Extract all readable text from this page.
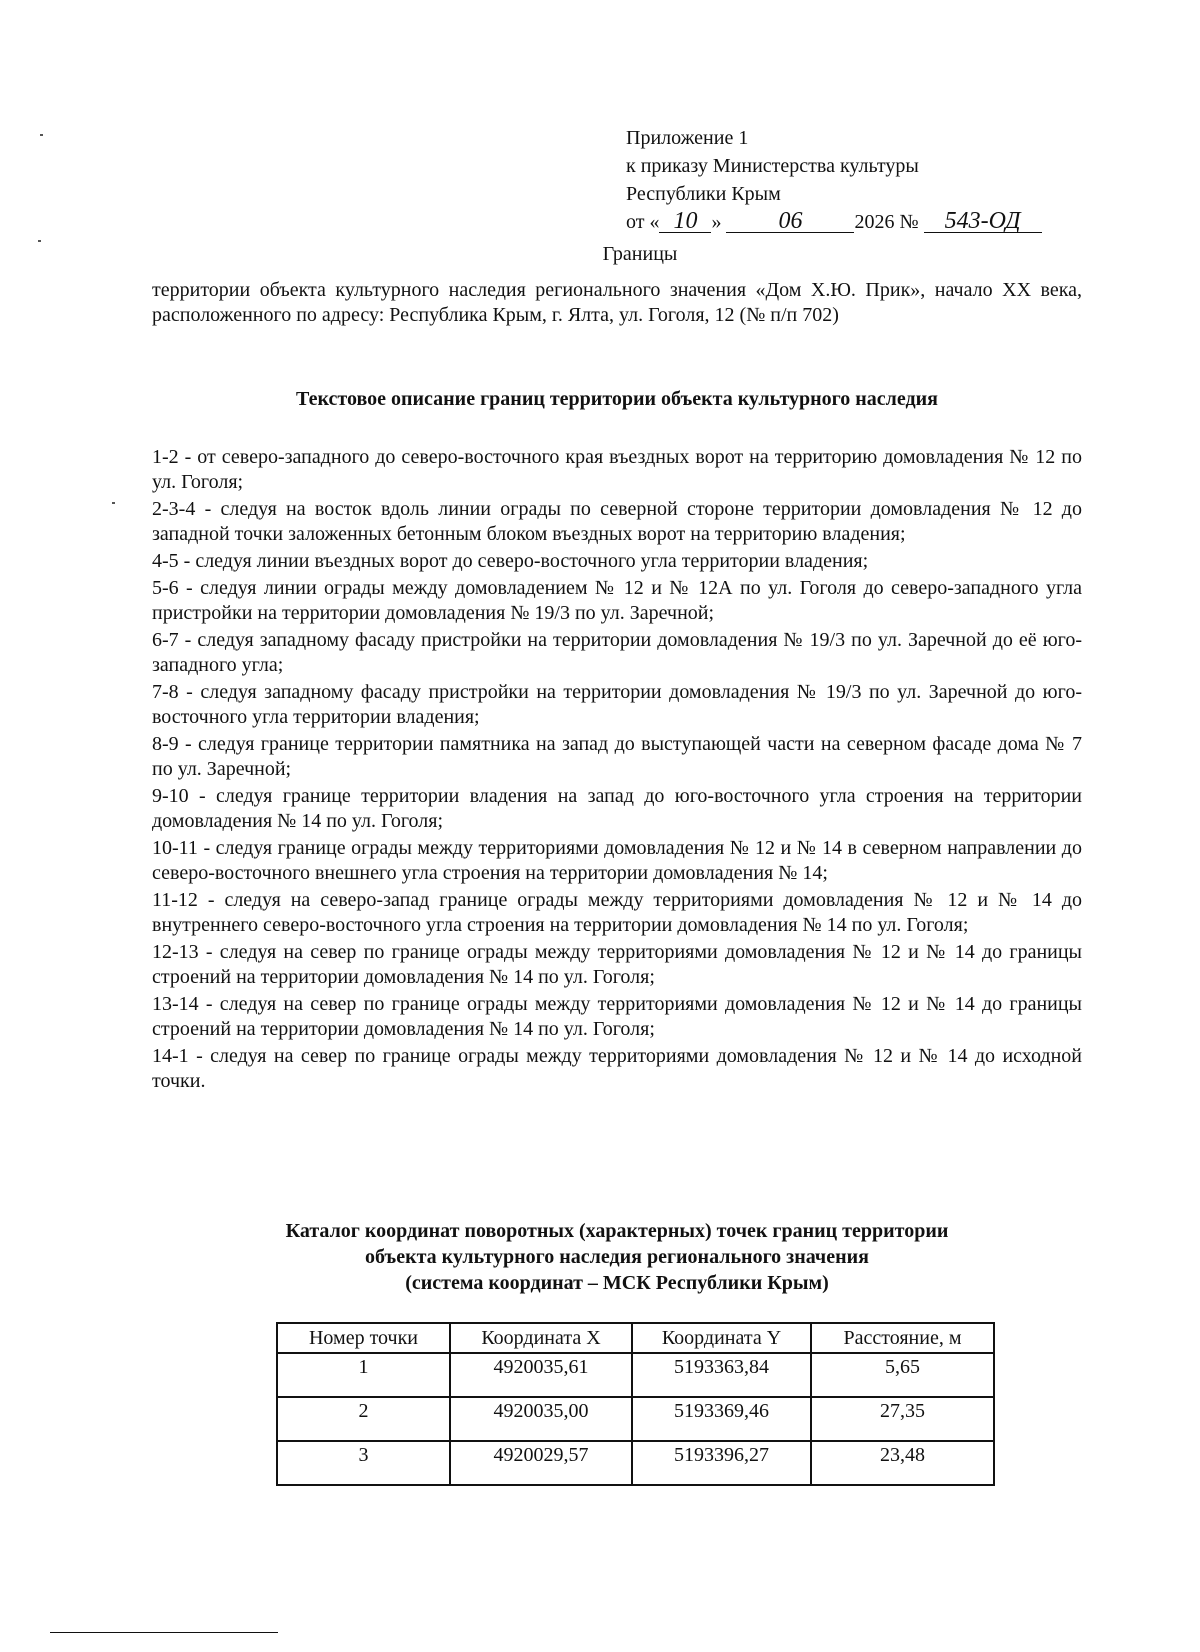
Приложение 1
к приказу Министерства культуры
Республики Крым
от « 10 » 06	2026 № 543-ОД
Границы
территории объекта культурного наследия регионального значения «Дом Х.Ю. Прик», начало XX века, расположенного по адресу: Республика Крым, г. Ялта, ул. Гоголя, 12 (№ п/п 702)
Текстовое описание границ территории объекта культурного наследия

1-2 - от северо-западного до северо-восточного края въездных ворот на территорию домовладения № 12 по ул. Гоголя;

2-3-4 - следуя на восток вдоль линии ограды по северной стороне территории домовладения № 12 до западной точки заложенных бетонным блоком въездных ворот на территорию владения;

4-5 - следуя линии въездных ворот до северо-восточного угла территории владения;

5-6 - следуя линии ограды между домовладением № 12 и № 12А по ул. Гоголя до северо-западного угла пристройки на территории домовладения № 19/3 по ул. Заречной;

6-7 - следуя западному фасаду пристройки на территории домовладения № 19/3 по ул. Заречной до её юго-западного угла;

7-8 - следуя западному фасаду пристройки на территории домовладения № 19/3 по ул. Заречной до юго-восточного угла территории владения;

8-9 - следуя границе территории памятника на запад до выступающей части на северном фасаде дома № 7 по ул. Заречной;

9-10 - следуя границе территории владения на запад до юго-восточного угла строения на территории домовладения № 14 по ул. Гоголя;

10-11 - следуя границе ограды между территориями домовладения № 12 и № 14 в северном направлении до северо-восточного внешнего угла строения на территории домовладения № 14;

11-12 - следуя на северо-запад границе ограды между территориями домовладения № 12 и № 14 до внутреннего северо-восточного угла строения на территории домовладения № 14 по ул. Гоголя;

12-13 - следуя на север по границе ограды между территориями домовладения № 12 и № 14 до границы строений на территории домовладения № 14 по ул. Гоголя;

13-14 - следуя на север по границе ограды между территориями домовладения № 12 и № 14 до границы строений на территории домовладения № 14 по ул. Гоголя;

14-1 - следуя на север по границе ограды между территориями домовладения № 12 и № 14 до исходной точки.

Каталог координат поворотных (характерных) точек границ территории
объекта культурного наследия регионального значения
(система координат – МСК Республики Крым)
Номер точки	Координата X	Координата Y	Расстояние, м
1	4920035,61	5193363,84	5,65
2	4920035,00	5193369,46	27,35
3	4920029,57	5193396,27	23,48
